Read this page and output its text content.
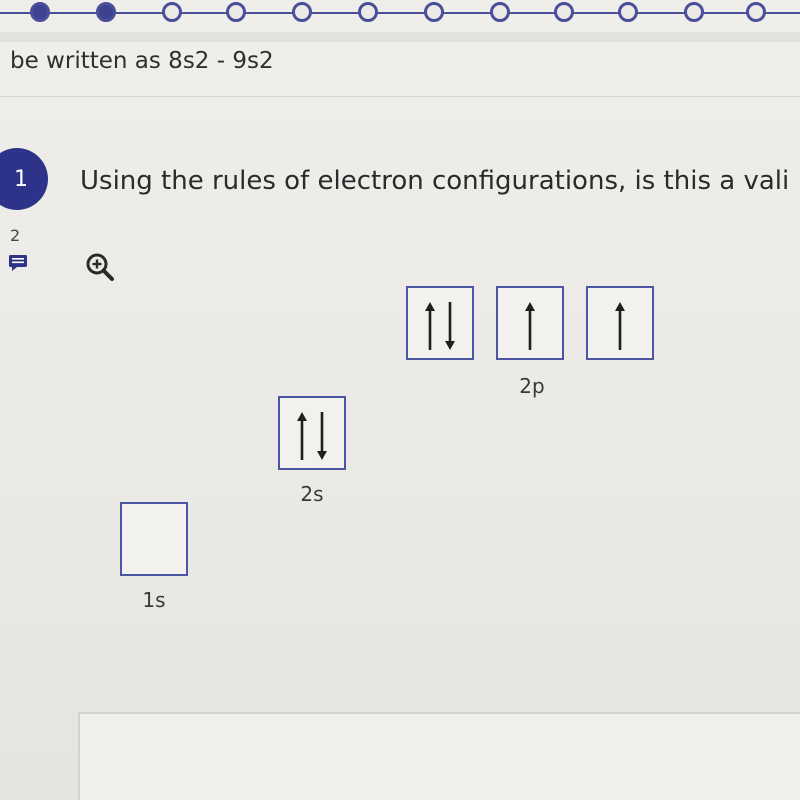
be written as 8s2 - 9s2
1	Using the rules of electron configurations, is this a vali
2
1s
2s
2p
